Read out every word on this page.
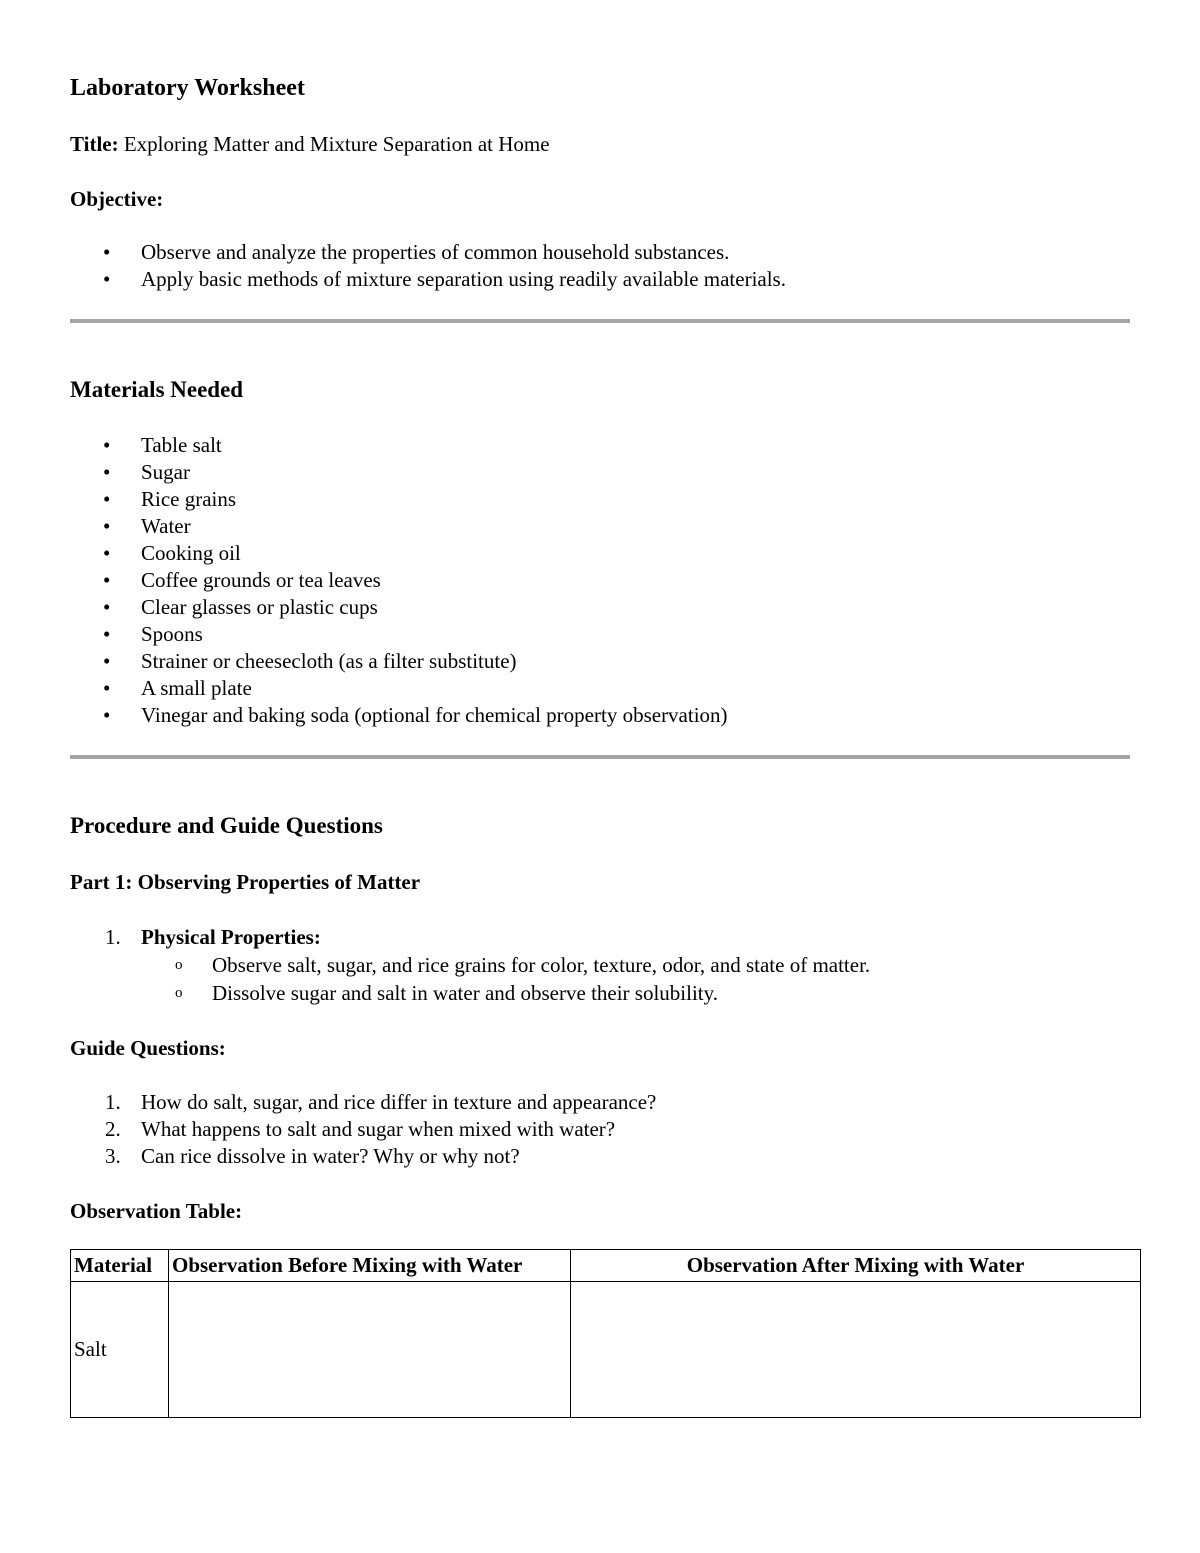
Laboratory Worksheet
Title: Exploring Matter and Mixture Separation at Home
Objective:
• Observe and analyze the properties of common household substances.
• Apply basic methods of mixture separation using readily available materials.
Materials Needed
• Table salt
• Sugar
• Rice grains
• Water
• Cooking oil
• Coffee grounds or tea leaves
• Clear glasses or plastic cups
• Spoons
• Strainer or cheesecloth (as a filter substitute)
• A small plate
• Vinegar and baking soda (optional for chemical property observation)
Procedure and Guide Questions
Part 1: Observing Properties of Matter
1. Physical Properties:
o Observe salt, sugar, and rice grains for color, texture, odor, and state of matter.
o Dissolve sugar and salt in water and observe their solubility.
Guide Questions:
1. How do salt, sugar, and rice differ in texture and appearance?
2. What happens to salt and sugar when mixed with water?
3. Can rice dissolve in water? Why or why not?
Observation Table:
Material	Observation Before Mixing with Water	Observation After Mixing with Water
Salt		
